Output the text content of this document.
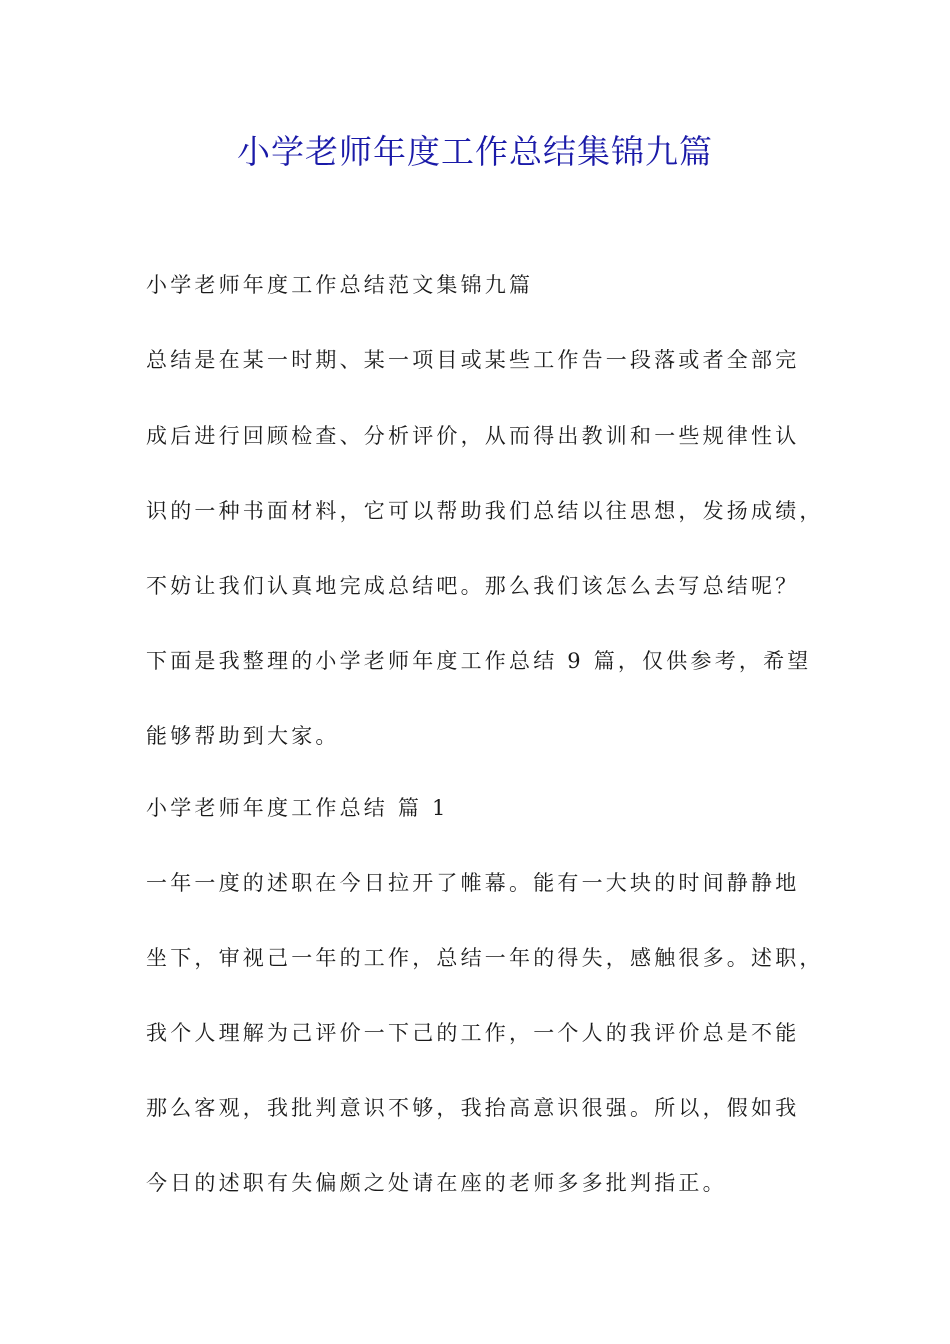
小学老师年度工作总结集锦九篇
小学老师年度工作总结范文集锦九篇
总结是在某一时期、某一项目或某些工作告一段落或者全部完
成后进行回顾检查、分析评价，从而得出教训和一些规律性认
识的一种书面材料，它可以帮助我们总结以往思想，发扬成绩，
不妨让我们认真地完成总结吧。那么我们该怎么去写总结呢？
下面是我整理的小学老师年度工作总结 9 篇，仅供参考，希望
能够帮助到大家。
小学老师年度工作总结 篇 1
一年一度的述职在今日拉开了帷幕。能有一大块的时间静静地
坐下，审视己一年的工作，总结一年的得失，感触很多。述职，
我个人理解为己评价一下己的工作，一个人的我评价总是不能
那么客观，我批判意识不够，我抬高意识很强。所以，假如我
今日的述职有失偏颇之处请在座的老师多多批判指正。
